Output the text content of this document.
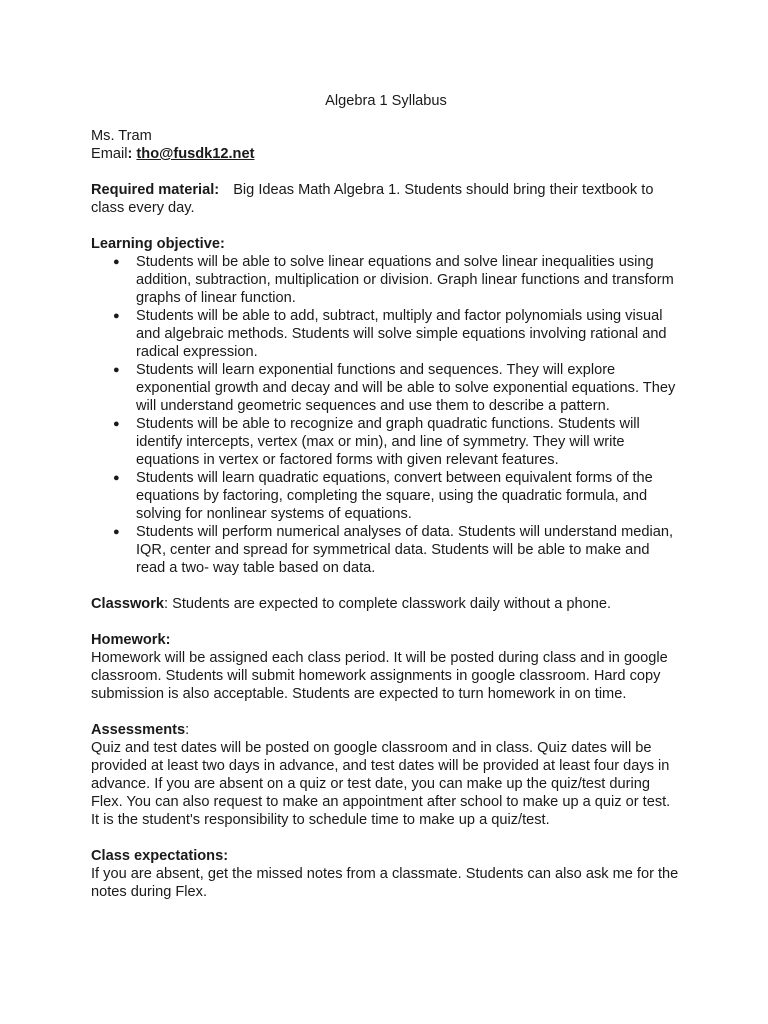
Algebra 1 Syllabus
Ms. Tram
Email: tho@fusdk12.net
Required material: Big Ideas Math Algebra 1. Students should bring their textbook to class every day.
Learning objective:
● Students will be able to solve linear equations and solve linear inequalities using addition, subtraction, multiplication or division. Graph linear functions and transform graphs of linear function.
● Students will be able to add, subtract, multiply and factor polynomials using visual and algebraic methods. Students will solve simple equations involving rational and radical expression.
● Students will learn exponential functions and sequences. They will explore exponential growth and decay and will be able to solve exponential equations. They will understand geometric sequences and use them to describe a pattern.
● Students will be able to recognize and graph quadratic functions. Students will identify intercepts, vertex (max or min), and line of symmetry. They will write equations in vertex or factored forms with given relevant features.
● Students will learn quadratic equations, convert between equivalent forms of the equations by factoring, completing the square, using the quadratic formula, and solving for nonlinear systems of equations.
● Students will perform numerical analyses of data. Students will understand median, IQR, center and spread for symmetrical data. Students will be able to make and read a two- way table based on data.
Classwork: Students are expected to complete classwork daily without a phone.
Homework:
Homework will be assigned each class period. It will be posted during class and in google classroom. Students will submit homework assignments in google classroom. Hard copy submission is also acceptable. Students are expected to turn homework in on time.
Assessments:
Quiz and test dates will be posted on google classroom and in class. Quiz dates will be provided at least two days in advance, and test dates will be provided at least four days in advance. If you are absent on a quiz or test date, you can make up the quiz/test during Flex. You can also request to make an appointment after school to make up a quiz or test. It is the student's responsibility to schedule time to make up a quiz/test.
Class expectations:
If you are absent, get the missed notes from a classmate. Students can also ask me for the notes during Flex.
